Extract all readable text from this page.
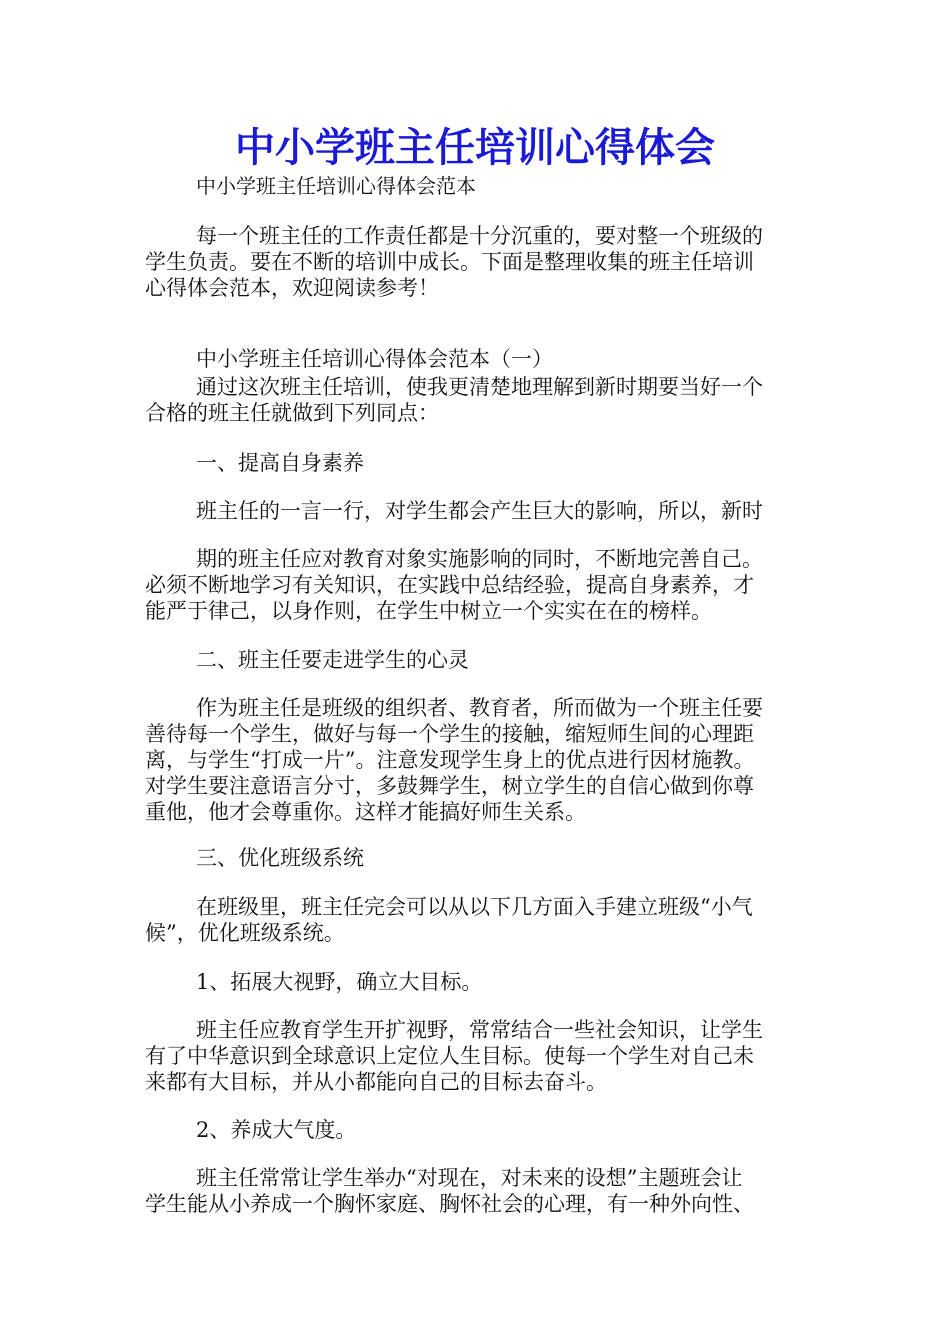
中小学班主任培训心得体会

中小学班主任培训心得体会范本

每一个班主任的工作责任都是十分沉重的，要对整一个班级的
学生负责。要在不断的培训中成长。下面是整理收集的班主任培训
心得体会范本，欢迎阅读参考！

中小学班主任培训心得体会范本（一）

通过这次班主任培训，使我更清楚地理解到新时期要当好一个
合格的班主任就做到下列同点：

一、提高自身素养

班主任的一言一行，对学生都会产生巨大的影响，所以，新时

期的班主任应对教育对象实施影响的同时，不断地完善自己。
必须不断地学习有关知识，在实践中总结经验，提高自身素养，才
能严于律己，以身作则，在学生中树立一个实实在在的榜样。

二、班主任要走进学生的心灵

作为班主任是班级的组织者、教育者，所而做为一个班主任要
善待每一个学生，做好与每一个学生的接触，缩短师生间的心理距
离，与学生“打成一片”。注意发现学生身上的优点进行因材施教。
对学生要注意语言分寸，多鼓舞学生，树立学生的自信心做到你尊
重他，他才会尊重你。这样才能搞好师生关系。

三、优化班级系统

在班级里，班主任完会可以从以下几方面入手建立班级“小气
候”，优化班级系统。

1、拓展大视野，确立大目标。

班主任应教育学生开扩视野，常常结合一些社会知识，让学生
有了中华意识到全球意识上定位人生目标。使每一个学生对自己未
来都有大目标，并从小都能向自己的目标去奋斗。

2、养成大气度。

班主任常常让学生举办“对现在，对未来的设想”主题班会让
学生能从小养成一个胸怀家庭、胸怀社会的心理，有一种外向性、
